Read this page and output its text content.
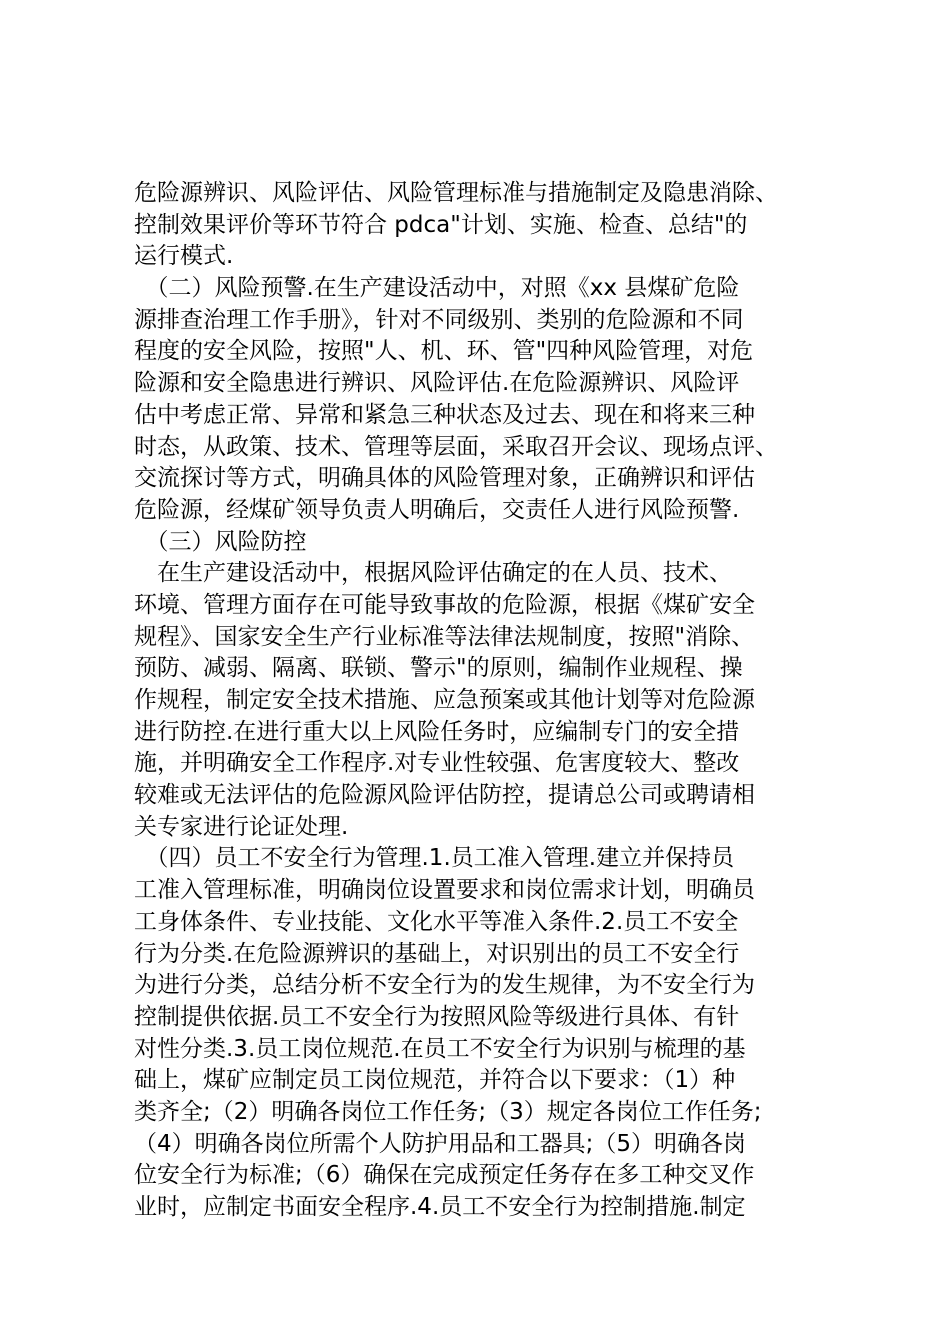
危险源辨识、风险评估、风险管理标准与措施制定及隐患消除、
控制效果评价等环节符合 pdca"计划、实施、检查、总结"的
运行模式.
　（二）风险预警.在生产建设活动中，对照《xx 县煤矿危险
源排查治理工作手册》，针对不同级别、类别的危险源和不同
程度的安全风险，按照"人、机、环、管"四种风险管理，对危
险源和安全隐患进行辨识、风险评估.在危险源辨识、风险评
估中考虑正常、异常和紧急三种状态及过去、现在和将来三种
时态，从政策、技术、管理等层面，采取召开会议、现场点评、
交流探讨等方式，明确具体的风险管理对象，正确辨识和评估
危险源，经煤矿领导负责人明确后，交责任人进行风险预警.
　（三）风险防控
　在生产建设活动中，根据风险评估确定的在人员、技术、
环境、管理方面存在可能导致事故的危险源，根据《煤矿安全
规程》、国家安全生产行业标准等法律法规制度，按照"消除、
预防、减弱、隔离、联锁、警示"的原则，编制作业规程、操
作规程，制定安全技术措施、应急预案或其他计划等对危险源
进行防控.在进行重大以上风险任务时，应编制专门的安全措
施，并明确安全工作程序.对专业性较强、危害度较大、整改
较难或无法评估的危险源风险评估防控，提请总公司或聘请相
关专家进行论证处理.
　（四）员工不安全行为管理.1.员工准入管理.建立并保持员
工准入管理标准，明确岗位设置要求和岗位需求计划，明确员
工身体条件、专业技能、文化水平等准入条件.2.员工不安全
行为分类.在危险源辨识的基础上，对识别出的员工不安全行
为进行分类，总结分析不安全行为的发生规律，为不安全行为
控制提供依据.员工不安全行为按照风险等级进行具体、有针
对性分类.3.员工岗位规范.在员工不安全行为识别与梳理的基
础上，煤矿应制定员工岗位规范，并符合以下要求：（1）种
类齐全;（2）明确各岗位工作任务;（3）规定各岗位工作任务;
（4）明确各岗位所需个人防护用品和工器具;（5）明确各岗
位安全行为标准;（6）确保在完成预定任务存在多工种交叉作
业时，应制定书面安全程序.4.员工不安全行为控制措施.制定
